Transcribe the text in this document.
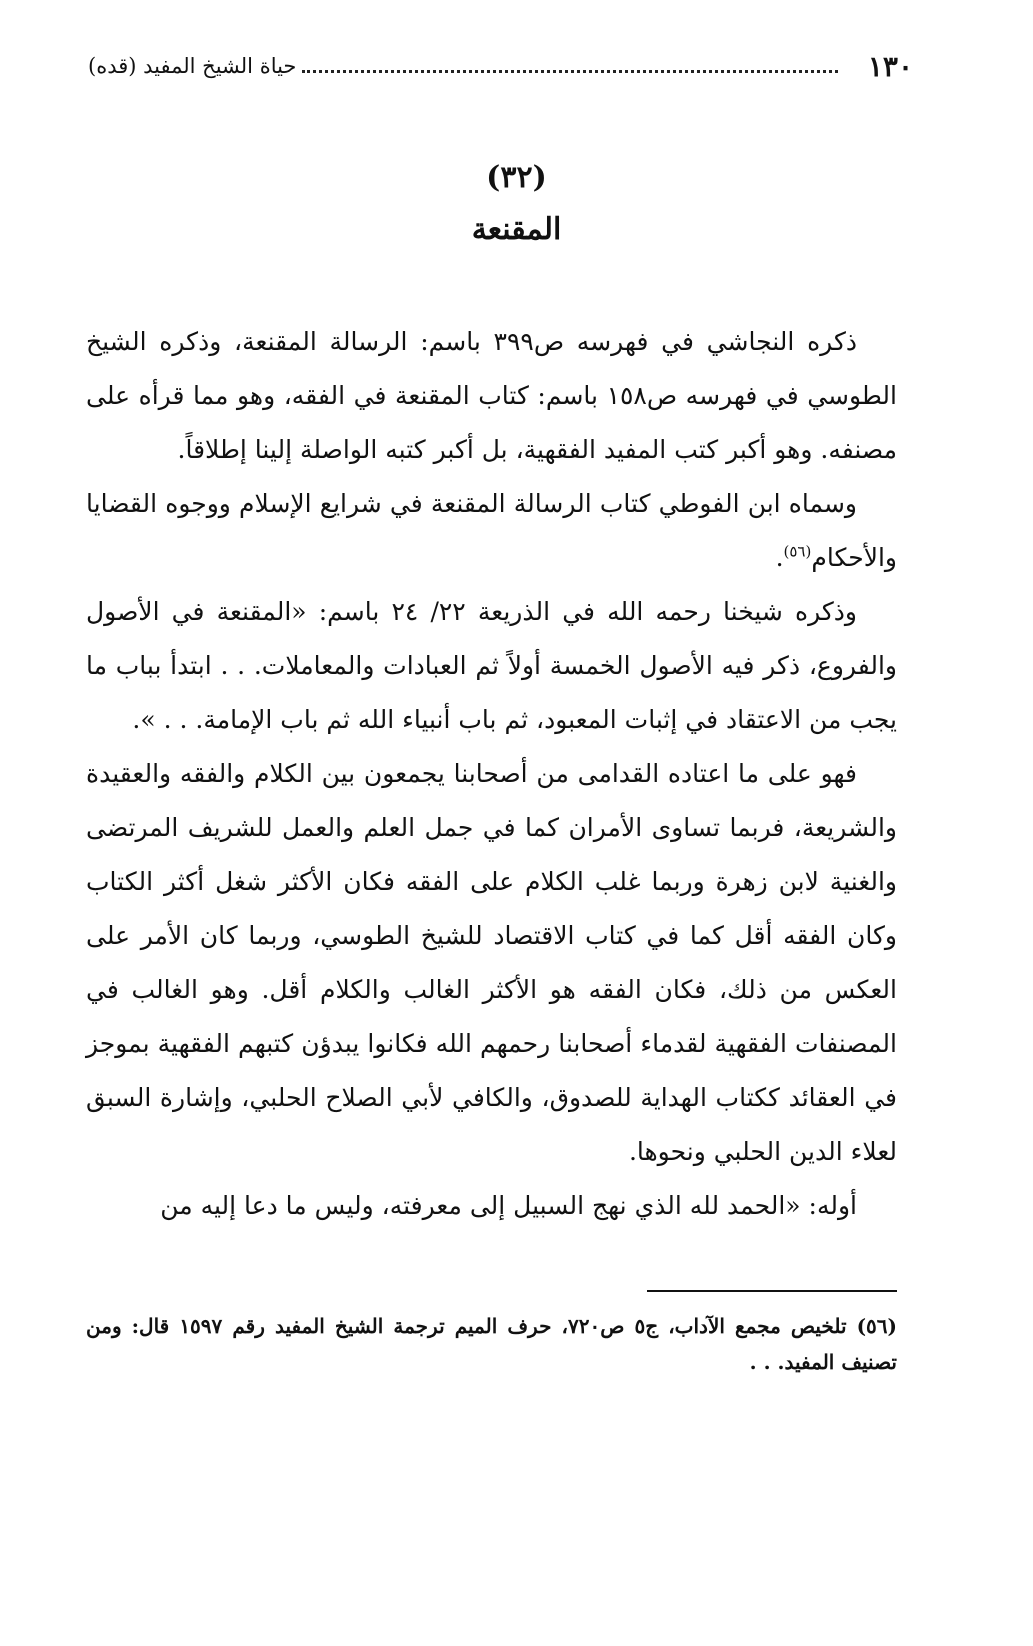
١٣٠
حياة الشيخ المفيد (قده)
(٣٢)
المقنعة

ذكره النجاشي في فهرسه ص٣٩٩ باسم: الرسالة المقنعة، وذكره الشيخ الطوسي في فهرسه ص١٥٨ باسم: كتاب المقنعة في الفقه، وهو مما قرأه على مصنفه. وهو أكبر كتب المفيد الفقهية، بل أكبر كتبه الواصلة إلينا إطلاقاً.

وسماه ابن الفوطي كتاب الرسالة المقنعة في شرايع الإسلام ووجوه القضايا والأحكام$^{(٥٦)}$.

وذكره شيخنا رحمه الله في الذريعة ٢٢/ ٢٤ باسم: «المقنعة في الأصول والفروع، ذكر فيه الأصول الخمسة أولاً ثم العبادات والمعاملات. . . ابتدأ بباب ما يجب من الاعتقاد في إثبات المعبود، ثم باب أنبياء الله ثم باب الإمامة. . . ».

فهو على ما اعتاده القدامى من أصحابنا يجمعون بين الكلام والفقه والعقيدة والشريعة، فربما تساوى الأمران كما في جمل العلم والعمل للشريف المرتضى والغنية لابن زهرة وربما غلب الكلام على الفقه فكان الأكثر شغل أكثر الكتاب وكان الفقه أقل كما في كتاب الاقتصاد للشيخ الطوسي، وربما كان الأمر على العكس من ذلك، فكان الفقه هو الأكثر الغالب والكلام أقل. وهو الغالب في المصنفات الفقهية لقدماء أصحابنا رحمهم الله فكانوا يبدؤن كتبهم الفقهية بموجز في العقائد ككتاب الهداية للصدوق، والكافي لأبي الصلاح الحلبي، وإشارة السبق لعلاء الدين الحلبي ونحوها.

أوله: «الحمد لله الذي نهج السبيل إلى معرفته، وليس ما دعا إليه من

(٥٦) تلخيص مجمع الآداب، ج٥ ص٧٢٠، حرف الميم ترجمة الشيخ المفيد رقم ١٥٩٧ قال: ومن تصنيف المفيد. . .
